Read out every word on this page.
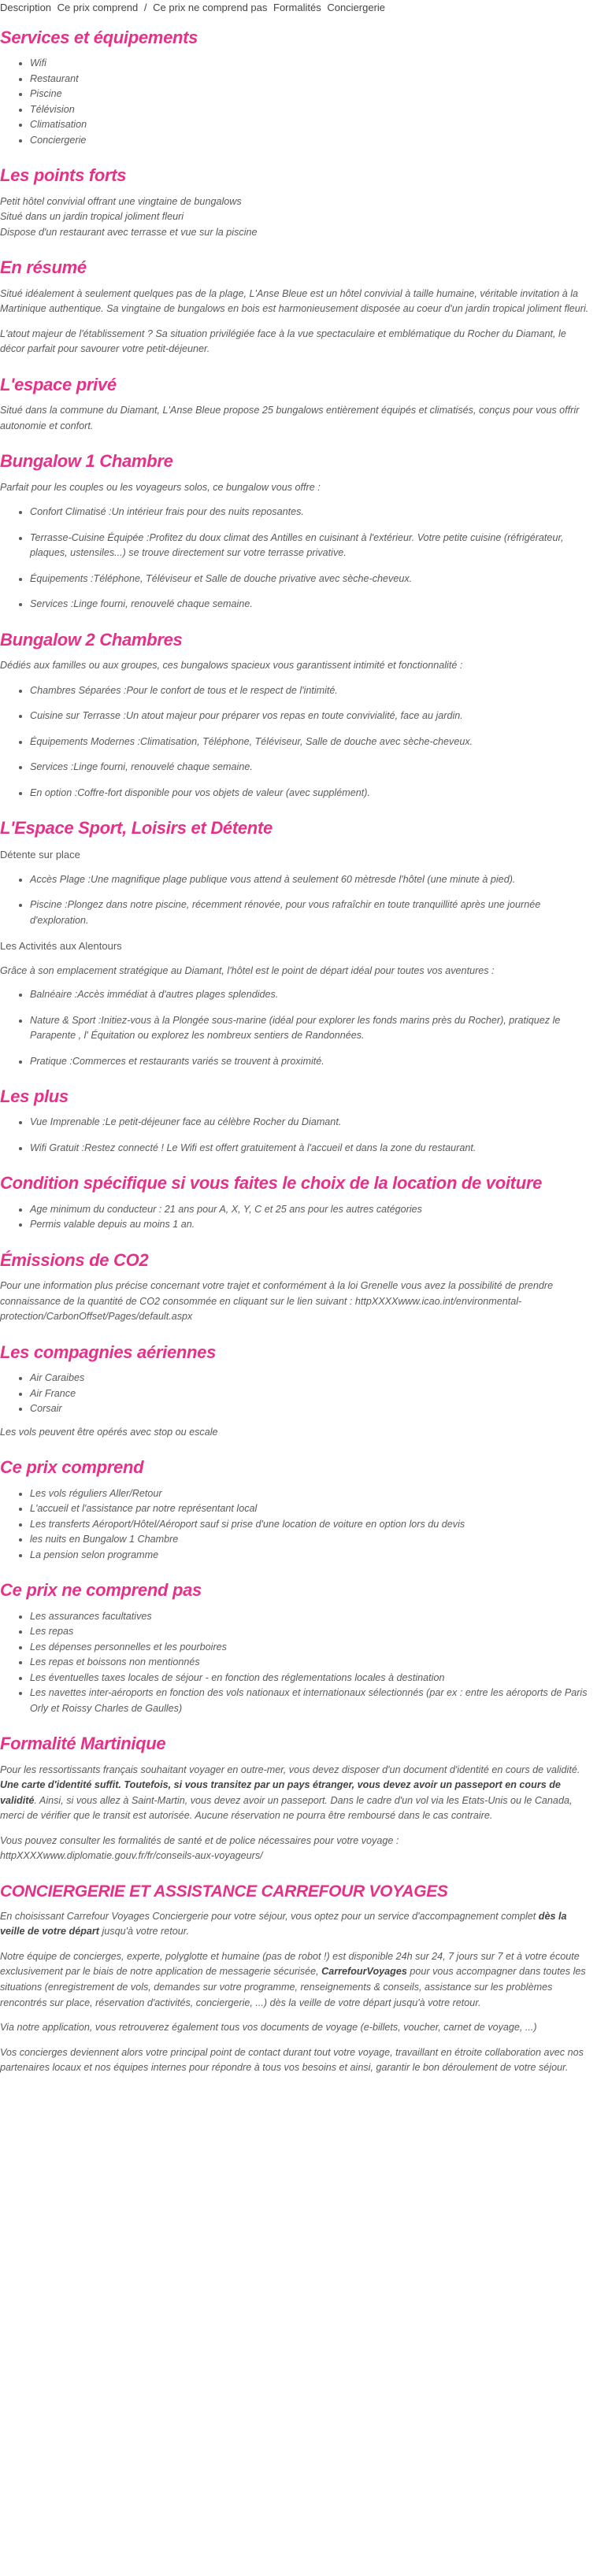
Description Ce prix comprend / Ce prix ne comprend pas Formalités Conciergerie
Services et équipements
• Wifi
• Restaurant
• Piscine
• Télévision
• Climatisation
• Conciergerie
Les points forts

Petit hôtel convivial offrant une vingtaine de bungalows

Situé dans un jardin tropical joliment fleuri

Dispose d'un restaurant avec terrasse et vue sur la piscine

En résumé

Situé idéalement à seulement quelques pas de la plage, L'Anse Bleue est un hôtel convivial à taille humaine, véritable invitation à la Martinique authentique. Sa vingtaine de bungalows en bois est harmonieusement disposée au coeur d'un jardin tropical joliment fleuri.

L'atout majeur de l'établissement ? Sa situation privilégiée face à la vue spectaculaire et emblématique du Rocher du Diamant, le décor parfait pour savourer votre petit-déjeuner.

L'espace privé

Situé dans la commune du Diamant, L'Anse Bleue propose 25 bungalows entièrement équipés et climatisés, conçus pour vous offrir autonomie et confort.

Bungalow 1 Chambre

Parfait pour les couples ou les voyageurs solos, ce bungalow vous offre :

• Confort Climatisé :Un intérieur frais pour des nuits reposantes.
• Terrasse-Cuisine Équipée :Profitez du doux climat des Antilles en cuisinant à l'extérieur. Votre petite cuisine (réfrigérateur, plaques, ustensiles...) se trouve directement sur votre terrasse privative.
• Équipements :Téléphone, Téléviseur et Salle de douche privative avec sèche-cheveux.
• Services :Linge fourni, renouvelé chaque semaine.
Bungalow 2 Chambres

Dédiés aux familles ou aux groupes, ces bungalows spacieux vous garantissent intimité et fonctionnalité :

• Chambres Séparées :Pour le confort de tous et le respect de l'intimité.
• Cuisine sur Terrasse :Un atout majeur pour préparer vos repas en toute convivialité, face au jardin.
• Équipements Modernes :Climatisation, Téléphone, Téléviseur, Salle de douche avec sèche-cheveux.
• Services :Linge fourni, renouvelé chaque semaine.
• En option :Coffre-fort disponible pour vos objets de valeur (avec supplément).
L'Espace Sport, Loisirs et Détente

Détente sur place

• Accès Plage :Une magnifique plage publique vous attend à seulement 60 mètresde l'hôtel (une minute à pied).
• Piscine :Plongez dans notre piscine, récemment rénovée, pour vous rafraîchir en toute tranquillité après une journée d'exploration.

Les Activités aux Alentours

Grâce à son emplacement stratégique au Diamant, l'hôtel est le point de départ idéal pour toutes vos aventures :

• Balnéaire :Accès immédiat à d'autres plages splendides.
• Nature & Sport :Initiez-vous à la Plongée sous-marine (idéal pour explorer les fonds marins près du Rocher), pratiquez le Parapente , l' Équitation ou explorez les nombreux sentiers de Randonnées.
• Pratique :Commerces et restaurants variés se trouvent à proximité.
Les plus
• Vue Imprenable :Le petit-déjeuner face au célèbre Rocher du Diamant.
• Wifi Gratuit :Restez connecté ! Le Wifi est offert gratuitement à l'accueil et dans la zone du restaurant.
Condition spécifique si vous faites le choix de la location de voiture
• Age minimum du conducteur : 21 ans pour A, X, Y, C et 25 ans pour les autres catégories
• Permis valable depuis au moins 1 an.
Émissions de CO2

Pour une information plus précise concernant votre trajet et conformément à la loi Grenelle vous avez la possibilité de prendre connaissance de la quantité de CO2 consommée en cliquant sur le lien suivant : httpXXXXwww.icao.int/environmental-protection/CarbonOffset/Pages/default.aspx

Les compagnies aériennes
• Air Caraibes
• Air France
• Corsair

Les vols peuvent être opérés avec stop ou escale

Ce prix comprend
• Les vols réguliers Aller/Retour
• L'accueil et l'assistance par notre représentant local
• Les transferts Aéroport/Hôtel/Aéroport sauf si prise d'une location de voiture en option lors du devis
• les nuits en Bungalow 1 Chambre
• La pension selon programme
Ce prix ne comprend pas
• Les assurances facultatives
• Les repas
• Les dépenses personnelles et les pourboires
• Les repas et boissons non mentionnés
• Les éventuelles taxes locales de séjour - en fonction des réglementations locales à destination
• Les navettes inter-aéroports en fonction des vols nationaux et internationaux sélectionnés (par ex : entre les aéroports de Paris Orly et Roissy Charles de Gaulles)
Formalité Martinique

Pour les ressortissants français souhaitant voyager en outre-mer, vous devez disposer d'un document d'identité en cours de validité. Une carte d'identité suffit. Toutefois, si vous transitez par un pays étranger, vous devez avoir un passeport en cours de validité. Ainsi, si vous allez à Saint-Martin, vous devez avoir un passeport. Dans le cadre d'un vol via les Etats-Unis ou le Canada, merci de vérifier que le transit est autorisée. Aucune réservation ne pourra être remboursé dans le cas contraire.

Vous pouvez consulter les formalités de santé et de police nécessaires pour votre voyage : httpXXXXwww.diplomatie.gouv.fr/fr/conseils-aux-voyageurs/

CONCIERGERIE ET ASSISTANCE CARREFOUR VOYAGES

En choisissant Carrefour Voyages Conciergerie pour votre séjour, vous optez pour un service d'accompagnement complet dès la veille de votre départ jusqu'à votre retour.

Notre équipe de concierges, experte, polyglotte et humaine (pas de robot !) est disponible 24h sur 24, 7 jours sur 7 et à votre écoute exclusivement par le biais de notre application de messagerie sécurisée, CarrefourVoyages pour vous accompagner dans toutes les situations (enregistrement de vols, demandes sur votre programme, renseignements & conseils, assistance sur les problèmes rencontrés sur place, réservation d'activités, conciergerie, ...) dès la veille de votre départ jusqu'à votre retour.

Via notre application, vous retrouverez également tous vos documents de voyage (e-billets, voucher, carnet de voyage, ...)

Vos concierges deviennent alors votre principal point de contact durant tout votre voyage, travaillant en étroite collaboration avec nos partenaires locaux et nos équipes internes pour répondre à tous vos besoins et ainsi, garantir le bon déroulement de votre séjour.
